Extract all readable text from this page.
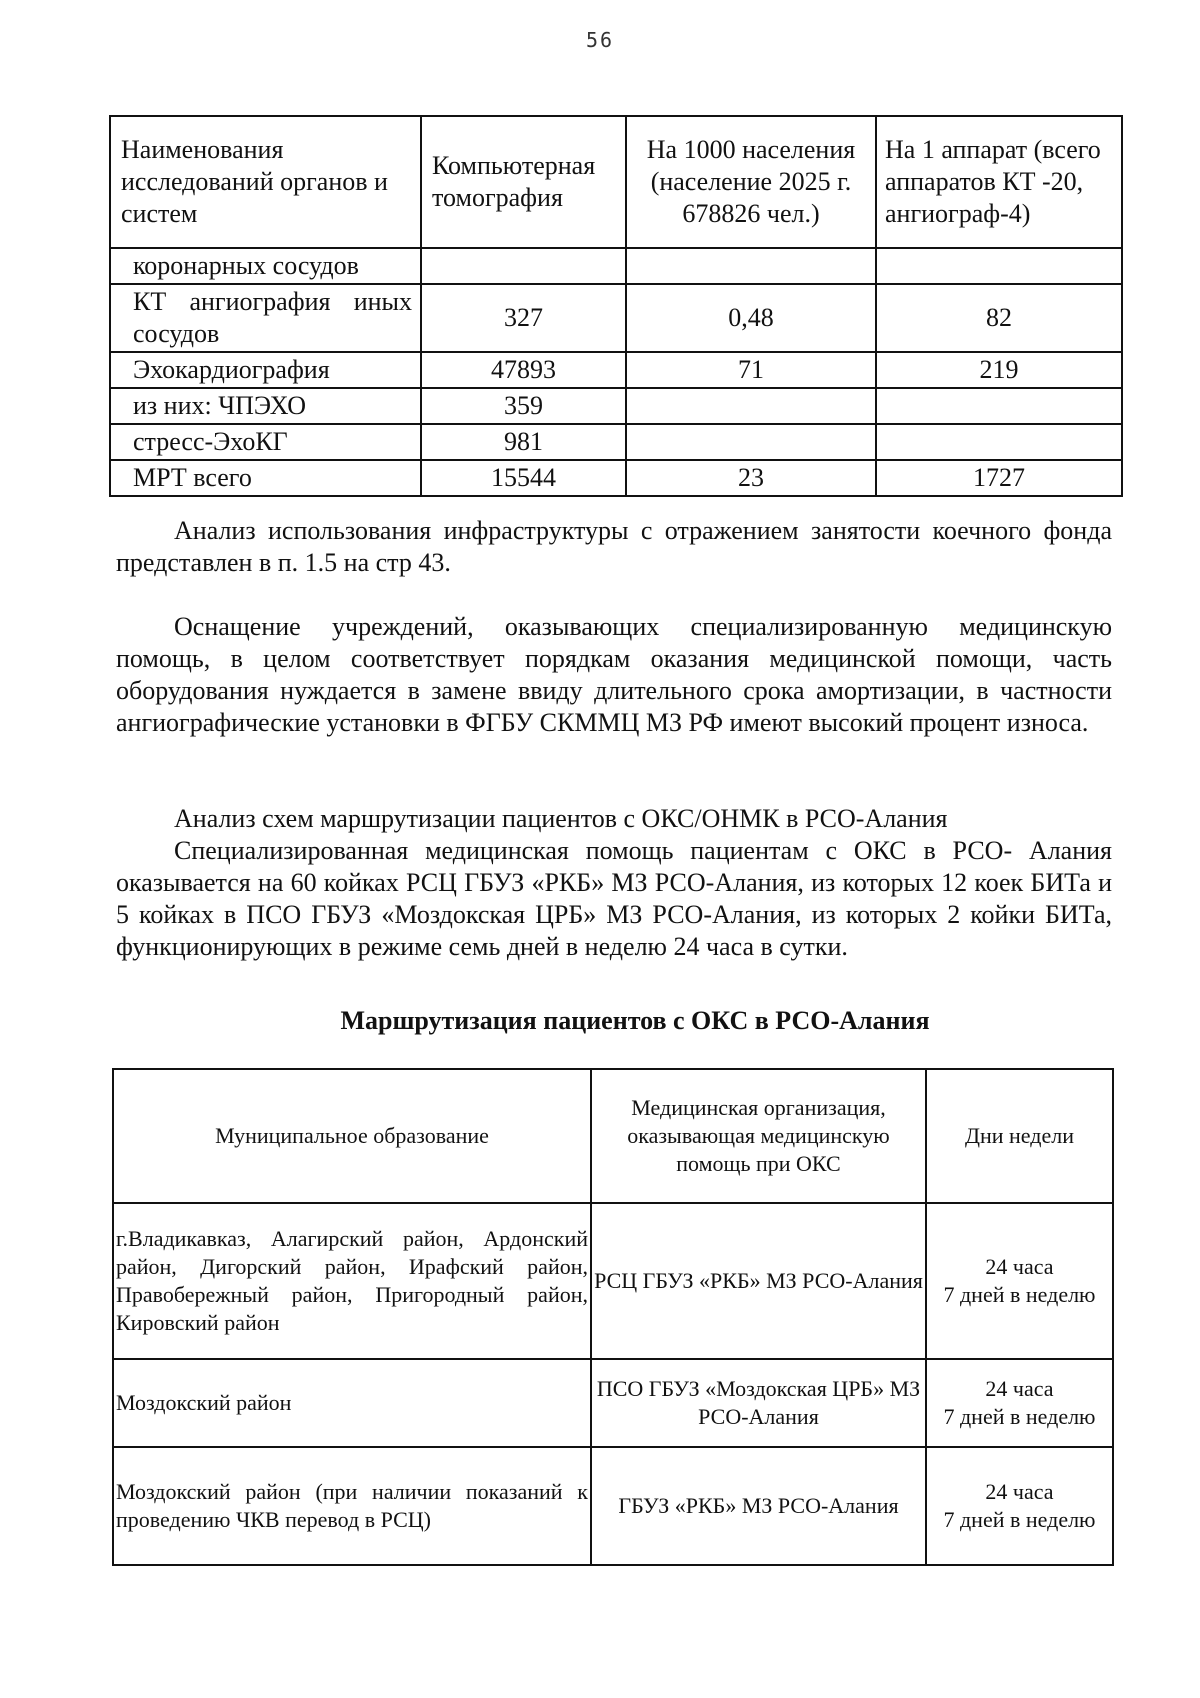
56
Наименования исследований органов и систем	Компьютерная томография	На 1000 населения (население 2025 г. 678826 чел.)	На 1 аппарат (всего аппаратов КТ -20, ангиограф-4)
коронарных сосудов			
КТ ангиография иных сосудов	327	0,48	82
Эхокардиография	47893	71	219
из них: ЧПЭХО	359		
стресс-ЭхоКГ	981		
МРТ всего	15544	23	1727

Анализ использования инфраструктуры с отражением занятости коечного фонда представлен в п. 1.5 на стр 43.

Оснащение учреждений, оказывающих специализированную медицинскую помощь, в целом соответствует порядкам оказания медицинской помощи, часть оборудования нуждается в замене ввиду длительного срока амортизации, в частности ангиографические установки в ФГБУ СКММЦ МЗ РФ имеют высокий процент износа.

Анализ схем маршрутизации пациентов с ОКС/ОНМК в РСО-Алания

Специализированная медицинская помощь пациентам с ОКС в РСО- Алания оказывается на 60 койках РСЦ ГБУЗ «РКБ» МЗ РСО-Алания, из которых 12 коек БИТа и 5 койках в ПСО ГБУЗ «Моздокская ЦРБ» МЗ РСО-Алания, из которых 2 койки БИТа, функционирующих в режиме семь дней в неделю 24 часа в сутки.

Маршрутизация пациентов с ОКС в РСО-Алания
Муниципальное образование	Медицинская организация, оказывающая медицинскую помощь при ОКС	Дни недели
г.Владикавказ, Алагирский район, Ардонский район, Дигорский район, Ирафский район, Правобережный район, Пригородный район, Кировский район	РСЦ ГБУЗ «РКБ» МЗ РСО-Алания	24 часа
7 дней в неделю

Моздокский район	ПСО ГБУЗ «Моздокская ЦРБ» МЗ РСО-Алания	24 часа
7 дней в неделю

Моздокский район (при наличии показаний к проведению ЧКВ перевод в РСЦ)	ГБУЗ «РКБ» МЗ РСО-Алания	24 часа
7 дней в неделю
